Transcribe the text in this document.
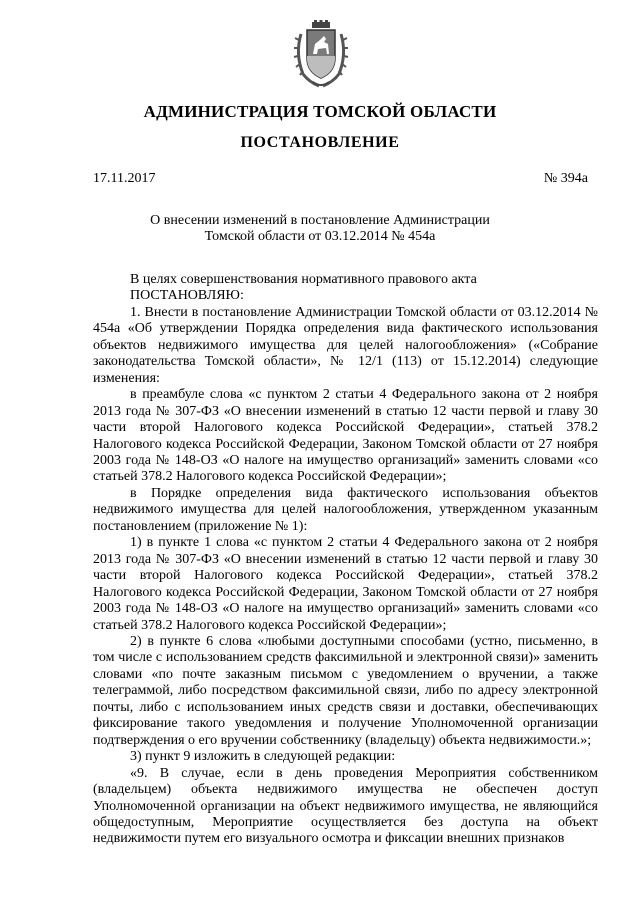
АДМИНИСТРАЦИЯ ТОМСКОЙ ОБЛАСТИ
ПОСТАНОВЛЕНИЕ
17.11.2017	№ 394а
О внесении изменений в постановление Администрации
Томской области от 03.12.2014 № 454а

В целях совершенствования нормативного правового акта

ПОСТАНОВЛЯЮ:

1. Внести в постановление Администрации Томской области от 03.12.2014 № 454а «Об утверждении Порядка определения вида фактического использования объектов недвижимого имущества для целей налогообложения» («Собрание законодательства Томской области», № 12/1 (113) от 15.12.2014) следующие изменения:

в преамбуле слова «с пунктом 2 статьи 4 Федерального закона от 2 ноября 2013 года № 307-ФЗ «О внесении изменений в статью 12 части первой и главу 30 части второй Налогового кодекса Российской Федерации», статьей 378.2 Налогового кодекса Российской Федерации, Законом Томской области от 27 ноября 2003 года № 148-ОЗ «О налоге на имущество организаций» заменить словами «со статьей 378.2 Налогового кодекса Российской Федерации»;

в Порядке определения вида фактического использования объектов недвижимого имущества для целей налогообложения, утвержденном указанным постановлением (приложение № 1):

1) в пункте 1 слова «с пунктом 2 статьи 4 Федерального закона от 2 ноября 2013 года № 307-ФЗ «О внесении изменений в статью 12 части первой и главу 30 части второй Налогового кодекса Российской Федерации», статьей 378.2 Налогового кодекса Российской Федерации, Законом Томской области от 27 ноября 2003 года № 148-ОЗ «О налоге на имущество организаций» заменить словами «со статьей 378.2 Налогового кодекса Российской Федерации»;

2) в пункте 6 слова «любыми доступными способами (устно, письменно, в том числе с использованием средств факсимильной и электронной связи)» заменить словами «по почте заказным письмом с уведомлением о вручении, а также телеграммой, либо посредством факсимильной связи, либо по адресу электронной почты, либо с использованием иных средств связи и доставки, обеспечивающих фиксирование такого уведомления и получение Уполномоченной организации подтверждения о его вручении собственнику (владельцу) объекта недвижимости.»;

3) пункт 9 изложить в следующей редакции:

«9. В случае, если в день проведения Мероприятия собственником (владельцем) объекта недвижимого имущества не обеспечен доступ Уполномоченной организации на объект недвижимого имущества, не являющийся общедоступным, Мероприятие осуществляется без доступа на объект недвижимости путем его визуального осмотра и фиксации внешних признаков
